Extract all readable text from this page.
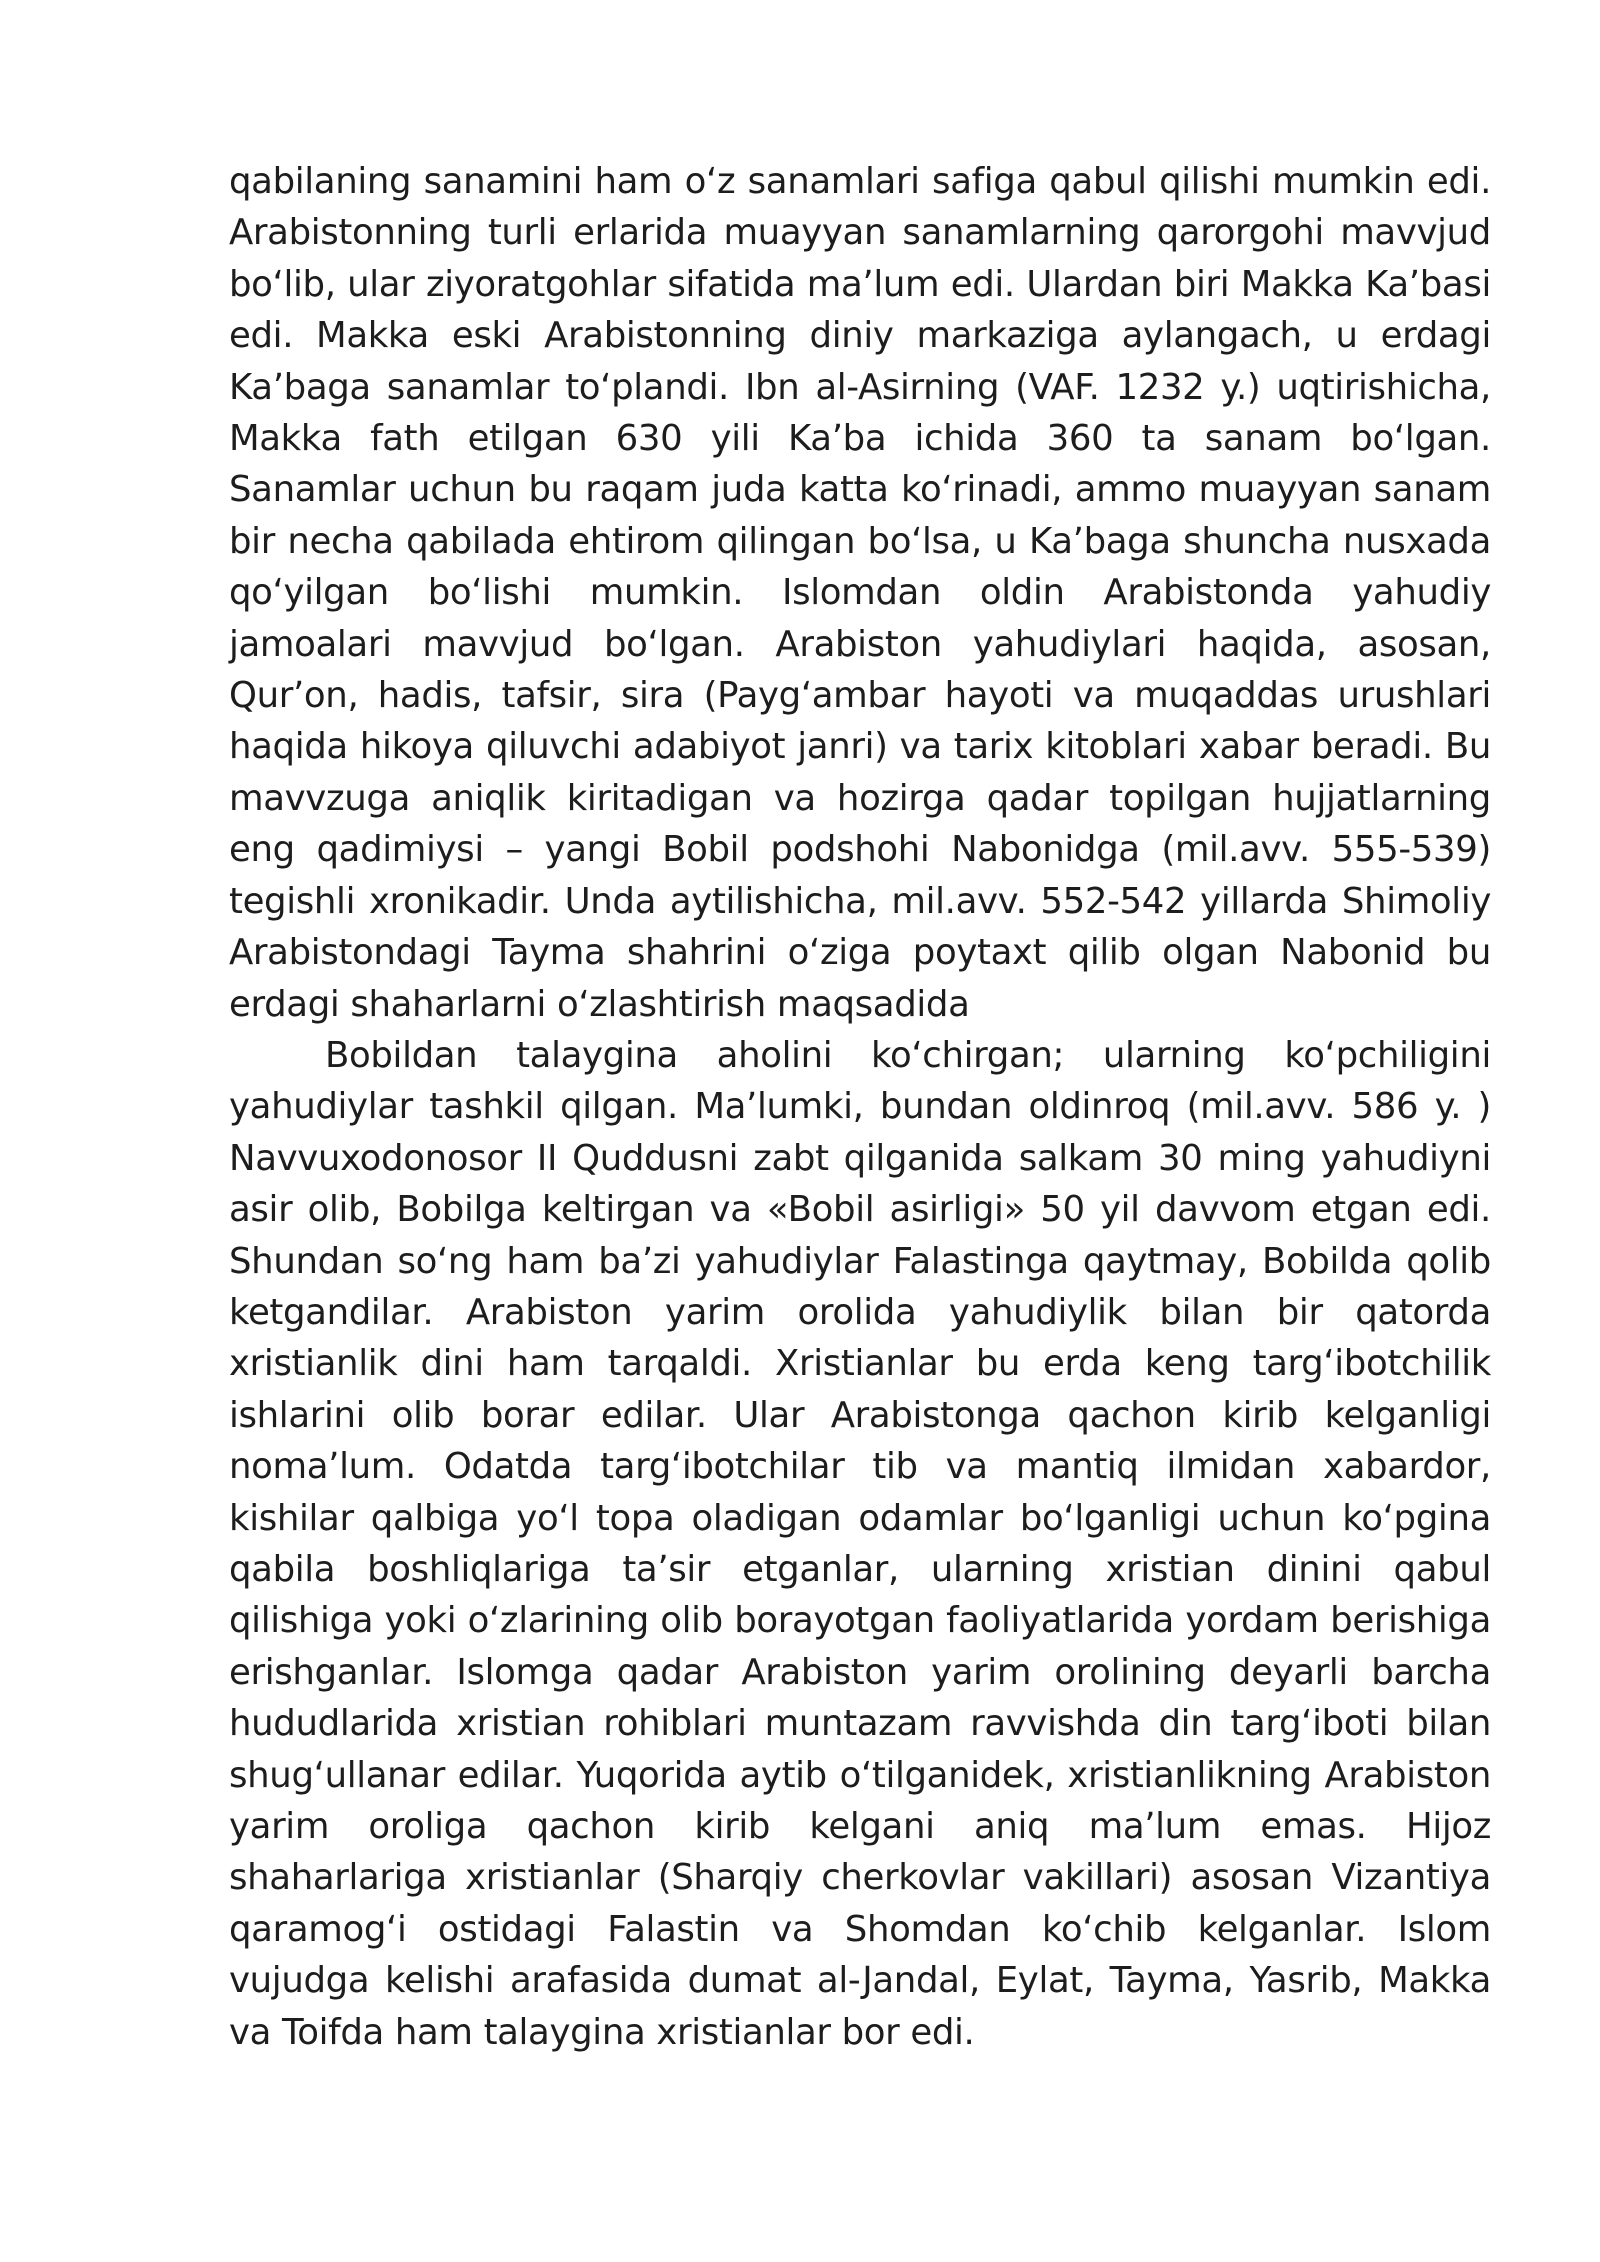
qabilaning sanamini ham o‘z sanamlari safiga qabul qilishi mumkin edi. Arabistonning turli erlarida muayyan sanamlarning qarorgohi mavvjud bo‘lib, ular ziyoratgohlar sifatida ma’lum edi. Ulardan biri Makka Ka’basi edi. Makka eski Arabistonning diniy markaziga aylangach, u erdagi Ka’baga sanamlar to‘plandi. Ibn al-Asirning (VAF. 1232 y.) uqtirishicha, Makka fath etilgan 630 yili Ka’ba ichida 360 ta sanam bo‘lgan. Sanamlar uchun bu raqam juda katta ko‘rinadi, ammo muayyan sanam bir necha qabilada ehtirom qilingan bo‘lsa, u Ka’baga shuncha nusxada qo‘yilgan bo‘lishi mumkin. Islomdan oldin Arabistonda yahudiy jamoalari mavvjud bo‘lgan. Arabiston yahudiylari haqida, asosan, Qur’on, hadis, tafsir, sira (Payg‘ambar hayoti va muqaddas urushlari haqida hikoya qiluvchi adabiyot janri) va tarix kitoblari xabar beradi. Bu mavvzuga aniqlik kiritadigan va hozirga qadar topilgan hujjatlarning eng qadimiysi – yangi Bobil podshohi Nabonidga (mil.avv. 555-539) tegishli xronikadir. Unda aytilishicha, mil.avv. 552-542 yillarda Shimoliy Arabistondagi Tayma shahrini o‘ziga poytaxt qilib olgan Nabonid bu erdagi shaharlarni o‘zlashtirish maqsadida

Bobildan talaygina aholini ko‘chirgan; ularning ko‘pchiligini yahudiylar tashkil qilgan. Ma’lumki, bundan oldinroq (mil.avv. 586 y. ) Navvuxodonosor II Quddusni zabt qilganida salkam 30 ming yahudiyni asir olib, Bobilga keltirgan va «Bobil asirligi» 50 yil davvom etgan edi. Shundan so‘ng ham ba’zi yahudiylar Falastinga qaytmay, Bobilda qolib ketgandilar. Arabiston yarim orolida yahudiylik bilan bir qatorda xristianlik dini ham tarqaldi. Xristianlar bu erda keng targ‘ibotchilik ishlarini olib borar edilar. Ular Arabistonga qachon kirib kelganligi noma’lum. Odatda targ‘ibotchilar tib va mantiq ilmidan xabardor, kishilar qalbiga yo‘l topa oladigan odamlar bo‘lganligi uchun ko‘pgina qabila boshliqlariga ta’sir etganlar, ularning xristian dinini qabul qilishiga yoki o‘zlarining olib borayotgan faoliyatlarida yordam berishiga erishganlar. Islomga qadar Arabiston yarim orolining deyarli barcha hududlarida xristian rohiblari muntazam ravvishda din targ‘iboti bilan shug‘ullanar edilar. Yuqorida aytib o‘tilganidek, xristianlikning Arabiston yarim oroliga qachon kirib kelgani aniq ma’lum emas. Hijoz shaharlariga xristianlar (Sharqiy cherkovlar vakillari) asosan Vizantiya qaramog‘i ostidagi Falastin va Shomdan ko‘chib kelganlar. Islom vujudga kelishi arafasida dumat al-Jandal, Eylat, Tayma, Yasrib, Makka va Toifda ham talaygina xristianlar bor edi.
